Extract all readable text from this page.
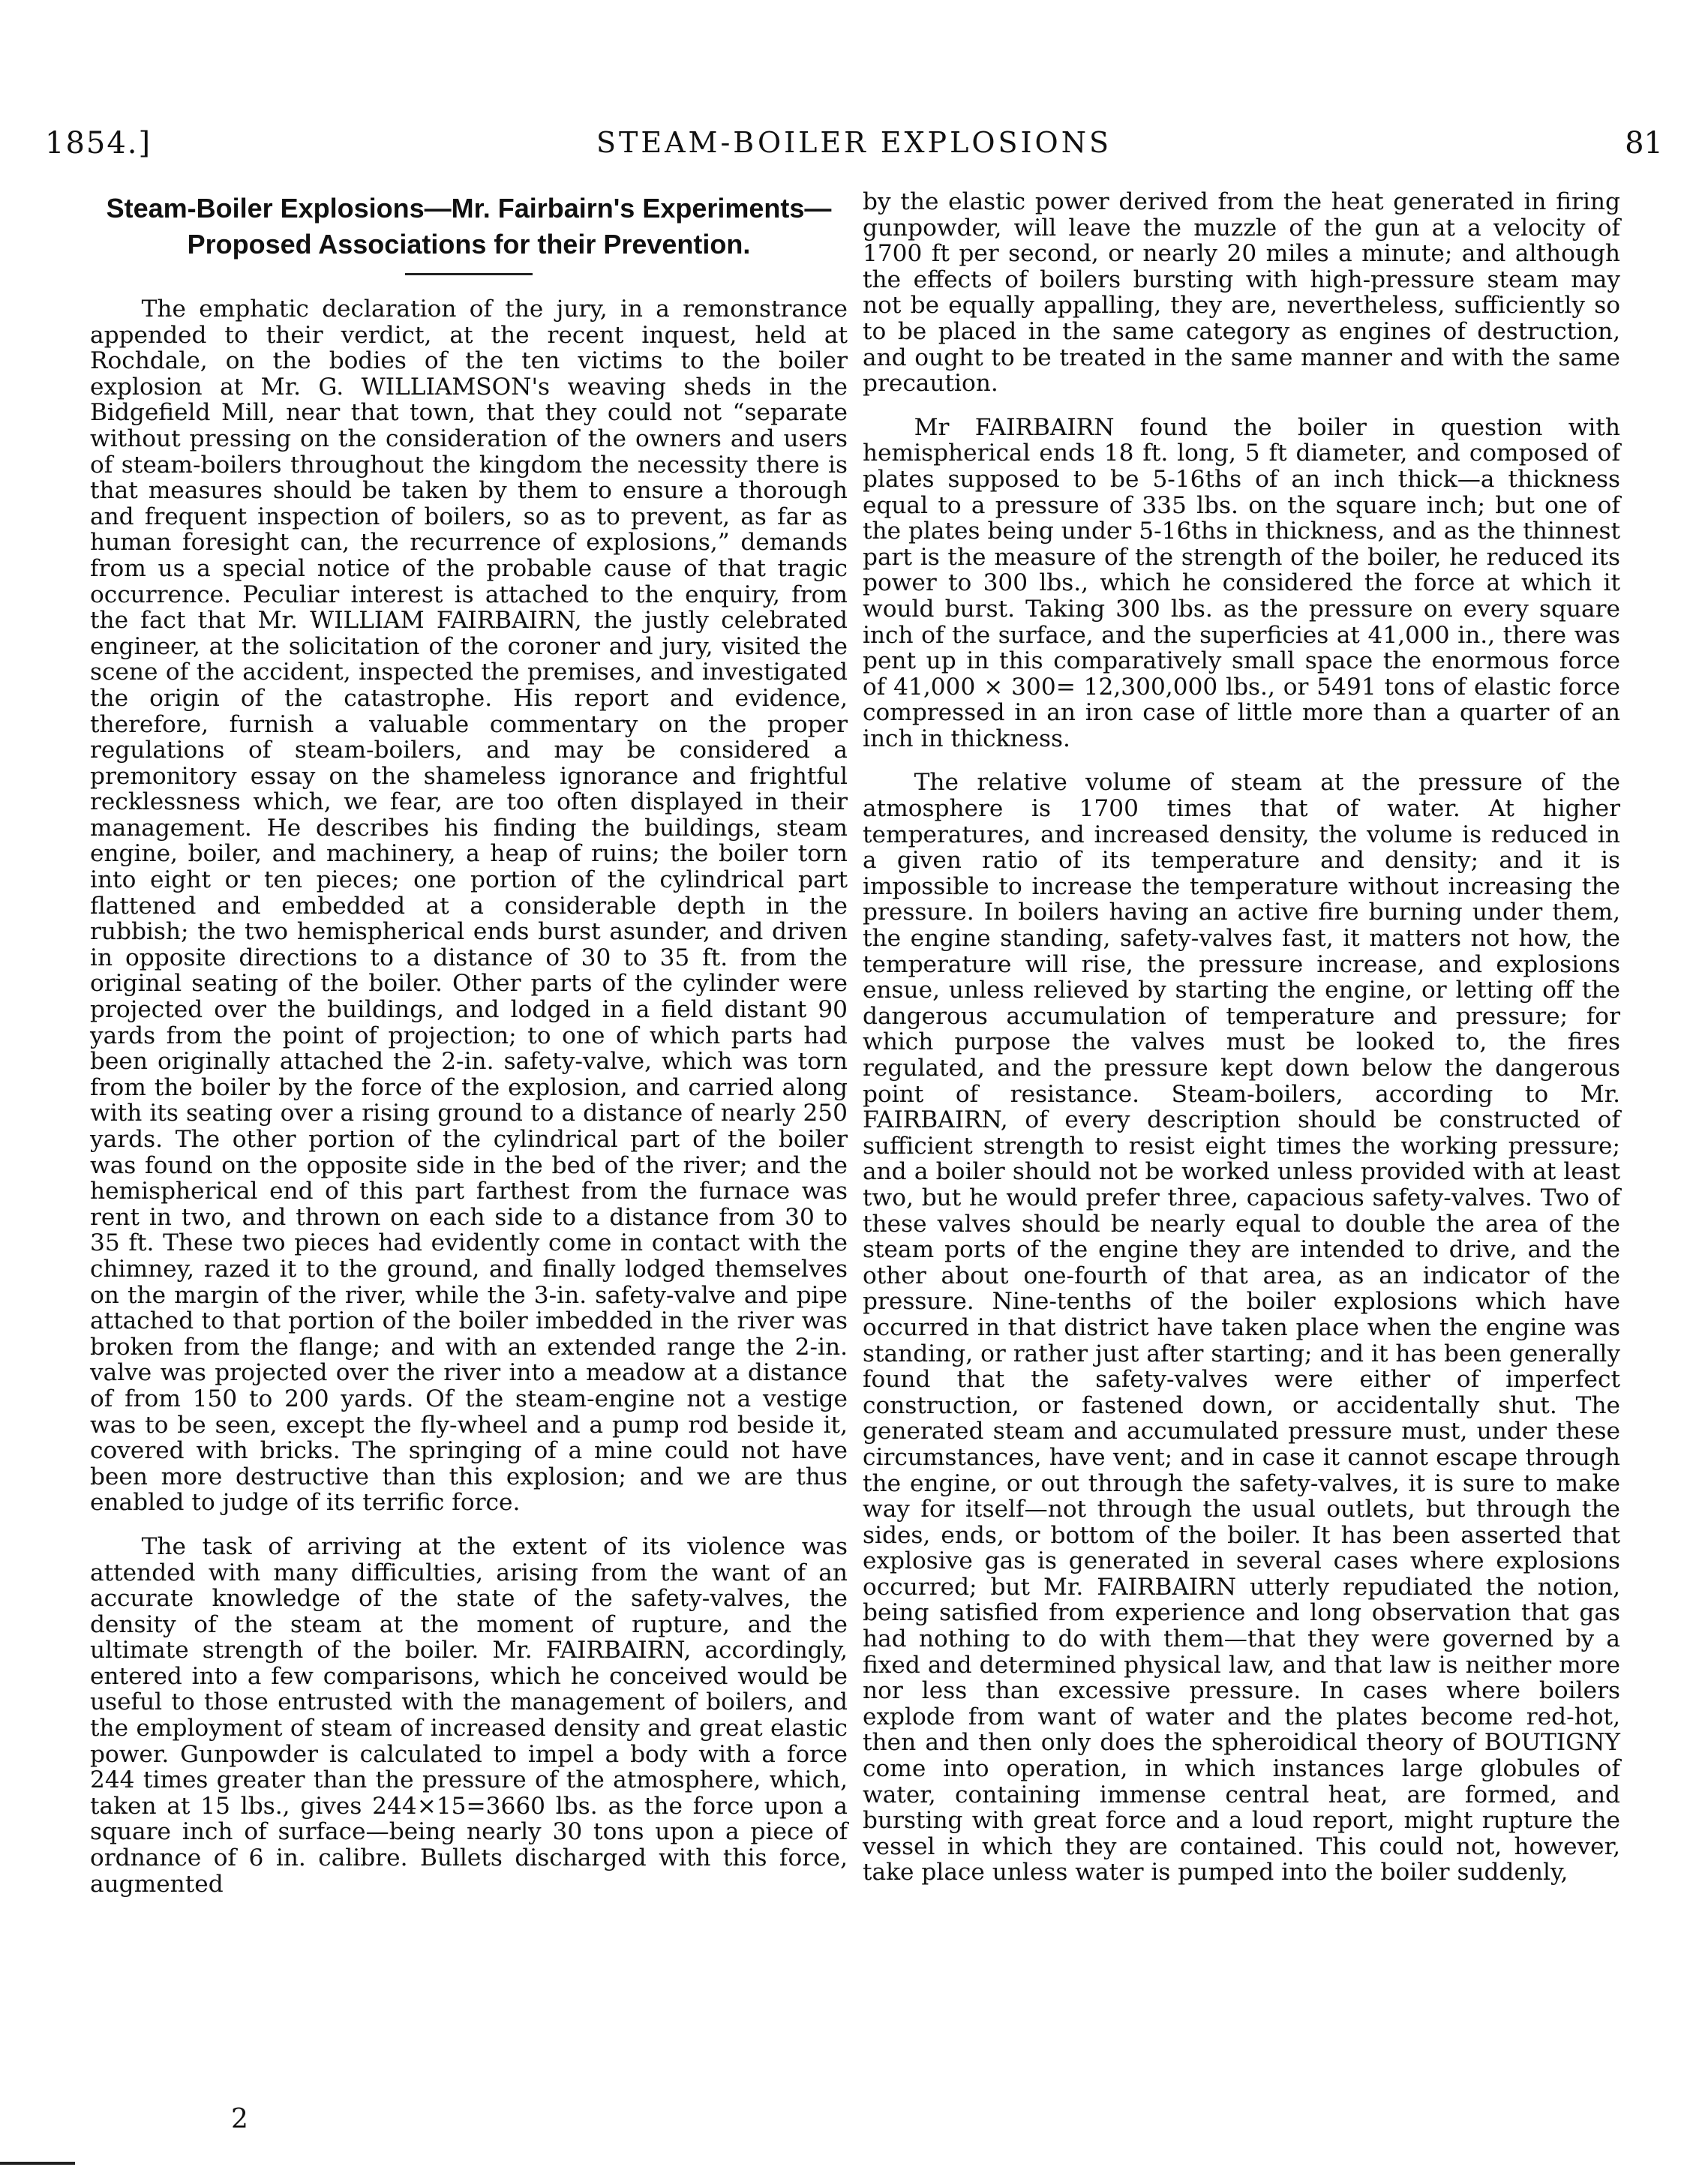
1854.]	STEAM-BOILER EXPLOSIONS	81
Steam-Boiler Explosions—Mr. Fairbairn's Experiments—
Proposed Associations for their Prevention.

The emphatic declaration of the jury, in a remonstrance appended to their verdict, at the recent inquest, held at Rochdale, on the bodies of the ten victims to the boiler explosion at Mr. G. WILLIAMSON's weaving sheds in the Bidgefield Mill, near that town, that they could not “separate without pressing on the consideration of the owners and users of steam-boilers throughout the kingdom the necessity there is that measures should be taken by them to ensure a thorough and frequent inspection of boilers, so as to prevent, as far as human foresight can, the recurrence of explosions,” demands from us a special notice of the probable cause of that tragic occurrence. Peculiar interest is attached to the enquiry, from the fact that Mr. WILLIAM FAIRBAIRN, the justly celebrated engineer, at the solicitation of the coroner and jury, visited the scene of the accident, inspected the premises, and investigated the origin of the catastrophe. His report and evidence, therefore, furnish a valuable commentary on the proper regulations of steam-boilers, and may be considered a premonitory essay on the shameless ignorance and frightful recklessness which, we fear, are too often displayed in their management. He describes his finding the buildings, steam engine, boiler, and machinery, a heap of ruins; the boiler torn into eight or ten pieces; one portion of the cylindrical part flattened and embedded at a considerable depth in the rubbish; the two hemispherical ends burst asunder, and driven in opposite directions to a distance of 30 to 35 ft. from the original seating of the boiler. Other parts of the cylinder were projected over the buildings, and lodged in a field distant 90 yards from the point of projection; to one of which parts had been originally attached the 2-in. safety-valve, which was torn from the boiler by the force of the explosion, and carried along with its seating over a rising ground to a distance of nearly 250 yards. The other portion of the cylindrical part of the boiler was found on the opposite side in the bed of the river; and the hemispherical end of this part farthest from the furnace was rent in two, and thrown on each side to a distance from 30 to 35 ft. These two pieces had evidently come in contact with the chimney, razed it to the ground, and finally lodged themselves on the margin of the river, while the 3-in. safety-valve and pipe attached to that portion of the boiler imbedded in the river was broken from the flange; and with an extended range the 2-in. valve was projected over the river into a meadow at a distance of from 150 to 200 yards. Of the steam-engine not a vestige was to be seen, except the fly-wheel and a pump rod beside it, covered with bricks. The springing of a mine could not have been more destructive than this explosion; and we are thus enabled to judge of its terrific force.

The task of arriving at the extent of its violence was attended with many difficulties, arising from the want of an accurate knowledge of the state of the safety-valves, the density of the steam at the moment of rupture, and the ultimate strength of the boiler. Mr. FAIRBAIRN, accordingly, entered into a few comparisons, which he conceived would be useful to those entrusted with the management of boilers, and the employment of steam of increased density and great elastic power. Gunpowder is calculated to impel a body with a force 244 times greater than the pressure of the atmosphere, which, taken at 15 lbs., gives 244×15=3660 lbs. as the force upon a square inch of surface—being nearly 30 tons upon a piece of ordnance of 6 in. calibre. Bullets discharged with this force, augmented

by the elastic power derived from the heat generated in firing gunpowder, will leave the muzzle of the gun at a velocity of 1700 ft per second, or nearly 20 miles a minute; and although the effects of boilers bursting with high-pressure steam may not be equally appalling, they are, nevertheless, sufficiently so to be placed in the same category as engines of destruction, and ought to be treated in the same manner and with the same precaution.

Mr FAIRBAIRN found the boiler in question with hemispherical ends 18 ft. long, 5 ft diameter, and composed of plates supposed to be 5-16ths of an inch thick—a thickness equal to a pressure of 335 lbs. on the square inch; but one of the plates being under 5-16ths in thickness, and as the thinnest part is the measure of the strength of the boiler, he reduced its power to 300 lbs., which he considered the force at which it would burst. Taking 300 lbs. as the pressure on every square inch of the surface, and the superficies at 41,000 in., there was pent up in this comparatively small space the enormous force of 41,000 × 300= 12,300,000 lbs., or 5491 tons of elastic force compressed in an iron case of little more than a quarter of an inch in thickness.

The relative volume of steam at the pressure of the atmosphere is 1700 times that of water. At higher temperatures, and increased density, the volume is reduced in a given ratio of its temperature and density; and it is impossible to increase the temperature without increasing the pressure. In boilers having an active fire burning under them, the engine standing, safety-valves fast, it matters not how, the temperature will rise, the pressure increase, and explosions ensue, unless relieved by starting the engine, or letting off the dangerous accumulation of temperature and pressure; for which purpose the valves must be looked to, the fires regulated, and the pressure kept down below the dangerous point of resistance. Steam-boilers, according to Mr. FAIRBAIRN, of every description should be constructed of sufficient strength to resist eight times the working pressure; and a boiler should not be worked unless provided with at least two, but he would prefer three, capacious safety-valves. Two of these valves should be nearly equal to double the area of the steam ports of the engine they are intended to drive, and the other about one-fourth of that area, as an indicator of the pressure. Nine-tenths of the boiler explosions which have occurred in that district have taken place when the engine was standing, or rather just after starting; and it has been generally found that the safety-valves were either of imperfect construction, or fastened down, or accidentally shut. The generated steam and accumulated pressure must, under these circumstances, have vent; and in case it cannot escape through the engine, or out through the safety-valves, it is sure to make way for itself—not through the usual outlets, but through the sides, ends, or bottom of the boiler. It has been asserted that explosive gas is generated in several cases where explosions occurred; but Mr. FAIRBAIRN utterly repudiated the notion, being satisfied from experience and long observation that gas had nothing to do with them—that they were governed by a fixed and determined physical law, and that law is neither more nor less than excessive pressure. In cases where boilers explode from want of water and the plates become red-hot, then and then only does the spheroidical theory of BOUTIGNY come into operation, in which instances large globules of water, containing immense central heat, are formed, and bursting with great force and a loud report, might rupture the vessel in which they are contained. This could not, however, take place unless water is pumped into the boiler suddenly,

2
